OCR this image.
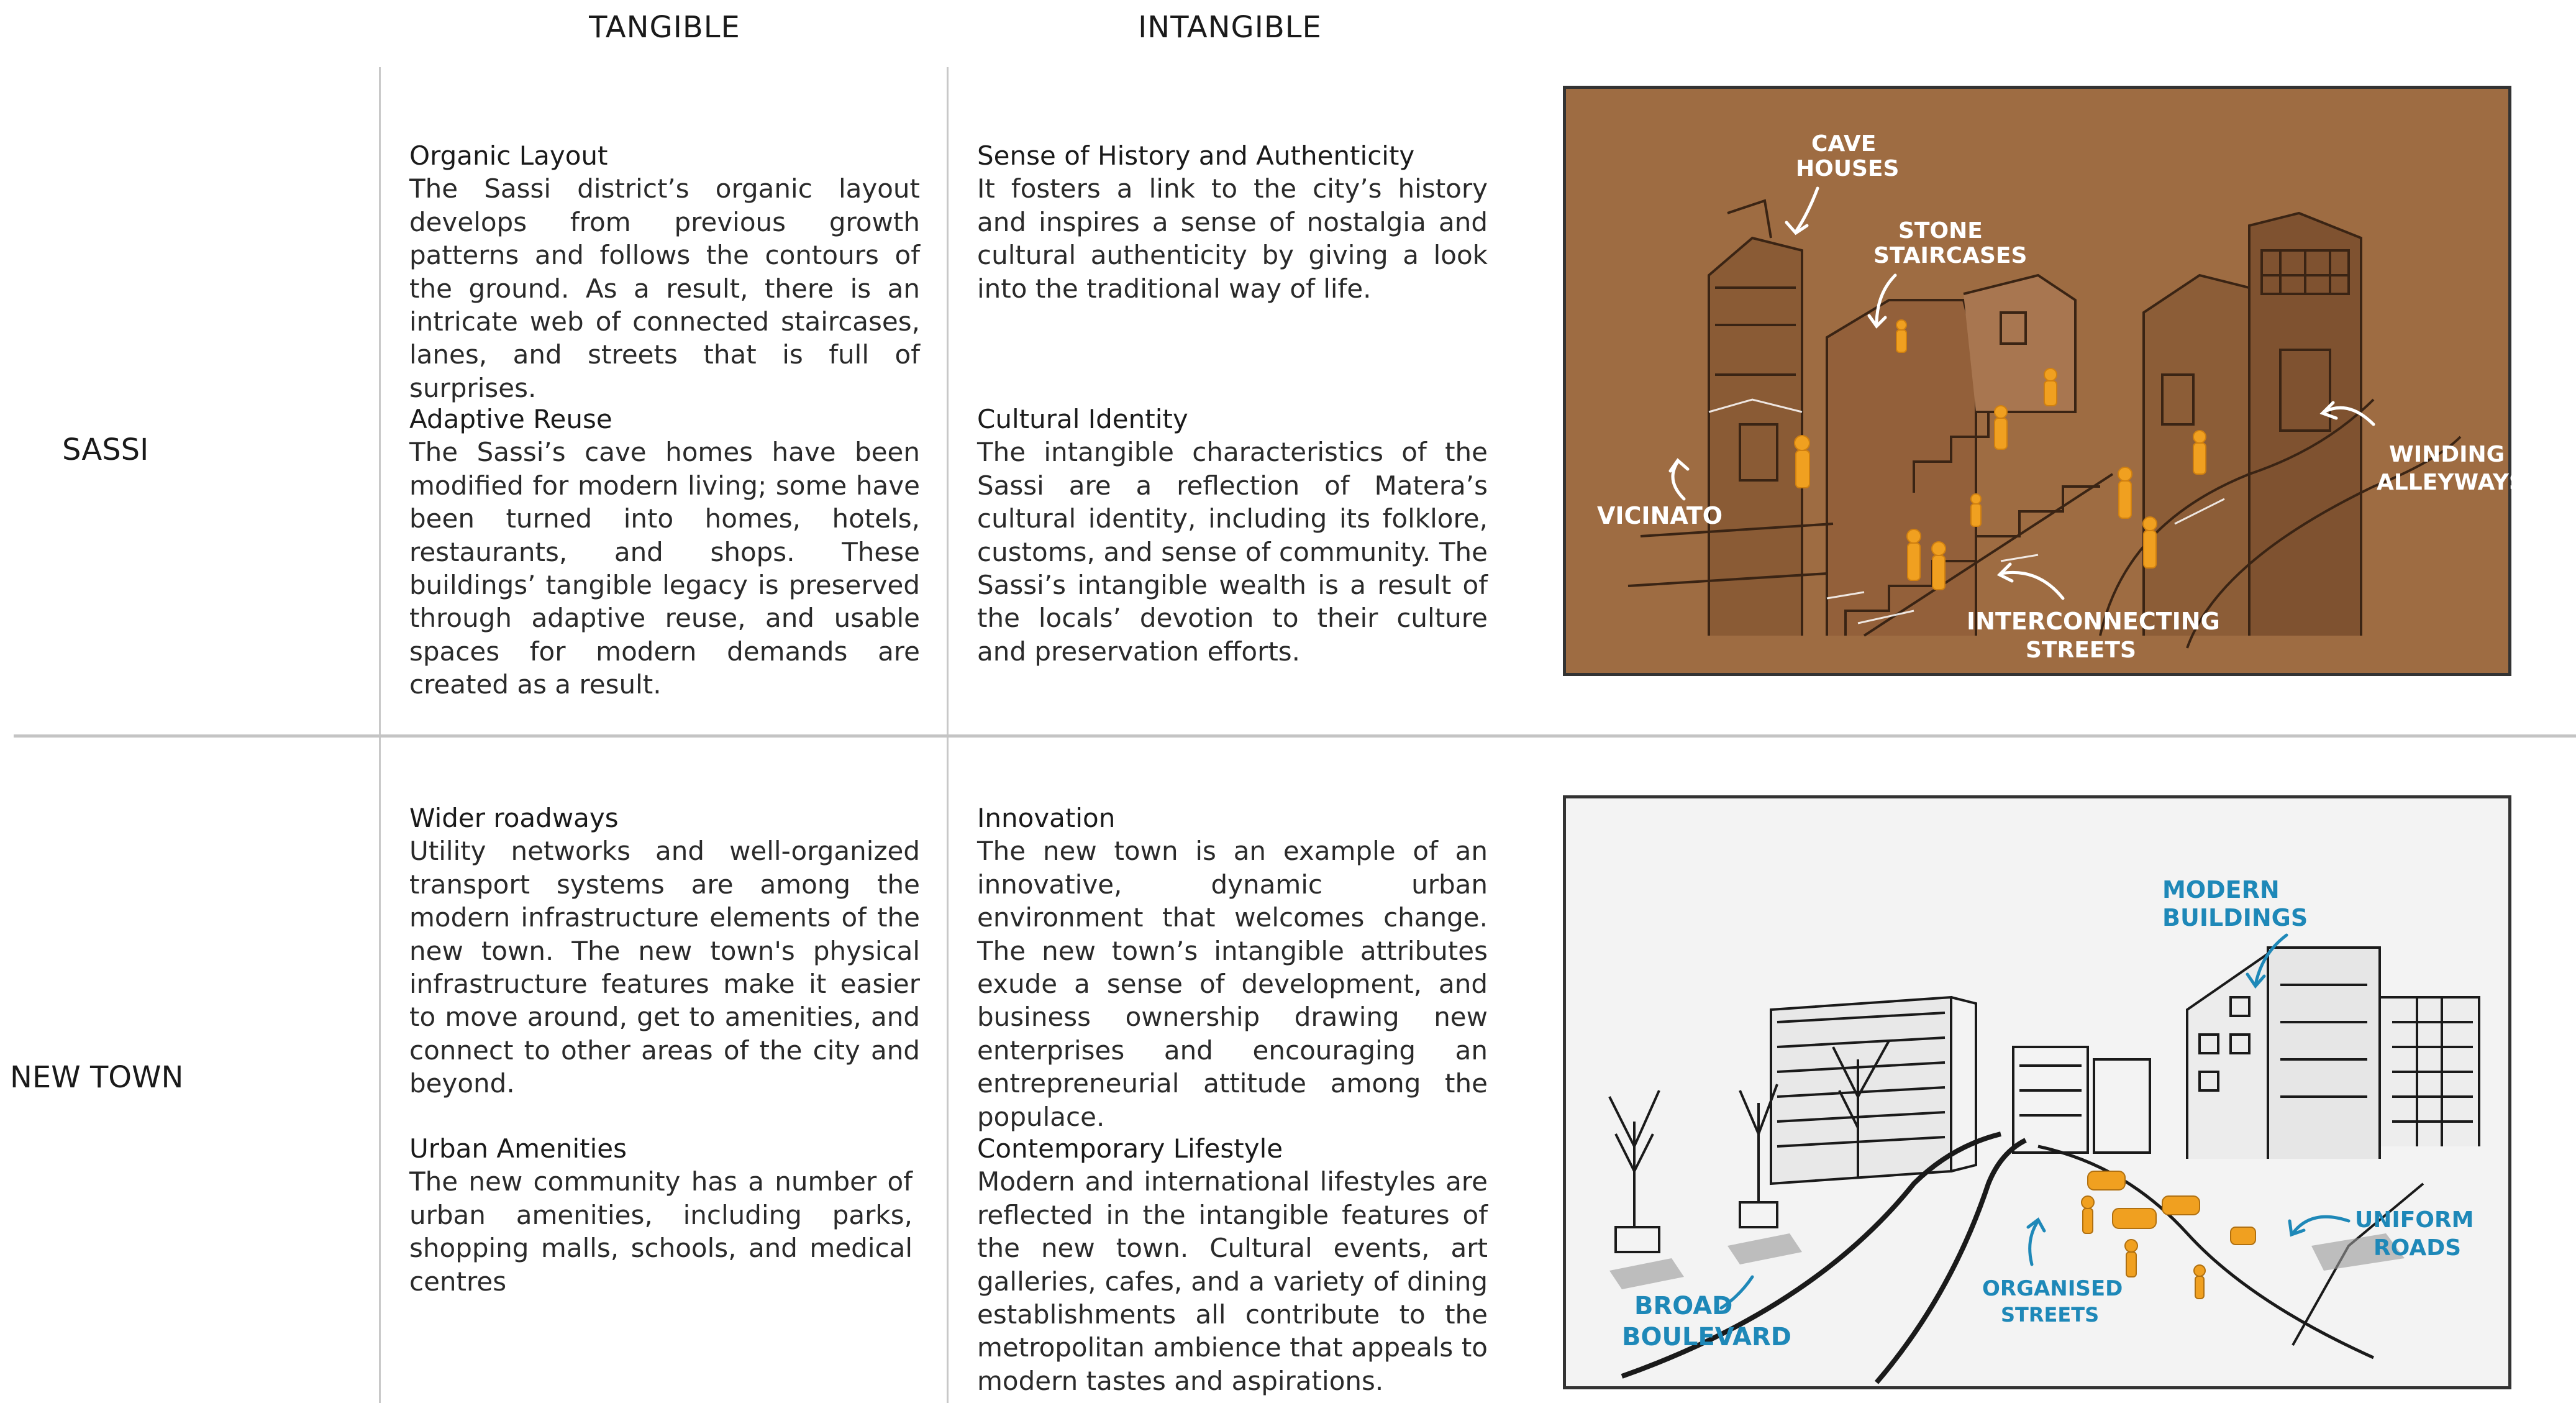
TANGIBLE	INTANGIBLE
SASSI
NEW TOWN
Organic Layout
The Sassi district’s organic layout develops from previous growth patterns and follows the contours of the ground. As a result, there is an intricate web of connected staircases, lanes, and streets that is full of surprises.
Adaptive Reuse
The Sassi’s cave homes have been modified for modern living; some have been turned into homes, hotels, restaurants, and shops. These buildings’ tangible legacy is preserved through adaptive reuse, and usable spaces for modern demands are created as a result.
Sense of History and Authenticity
It fosters a link to the city’s history and inspires a sense of nostalgia and cultural authenticity by giving a look into the traditional way of life.
Cultural Identity
The intangible characteristics of the Sassi are a reflection of Matera’s cultural identity, including its folklore, customs, and sense of community. The Sassi’s intangible wealth is a result of the locals’ devotion to their culture and preservation efforts.
Wider roadways
Utility networks and well-organized transport systems are among the modern infrastructure elements of the new town. The new town's physical infrastructure features make it easier to move around, get to amenities, and connect to other areas of the city and beyond.
Urban Amenities
The new community has a number of urban amenities, including parks, shopping malls, schools, and medical centres
Innovation
The new town is an example of an innovative, dynamic urban environment that welcomes change. The new town’s intangible attributes exude a sense of development, and business ownership drawing new enterprises and encouraging an entrepreneurial attitude among the populace.
Contemporary Lifestyle
Modern and international lifestyles are reflected in the intangible features of the new town. Cultural events, art galleries, cafes, and a variety of dining establishments all contribute to the metropolitan ambience that appeals to modern tastes and aspirations.
CAVE
HOUSES
STONE
STAIRCASES
WINDING
ALLEYWAYS
VICINATO
INTERCONNECTING
STREETS
MODERN
BUILDINGS
UNIFORM
ROADS
BROAD
BOULEVARD
ORGANISED
STREETS
